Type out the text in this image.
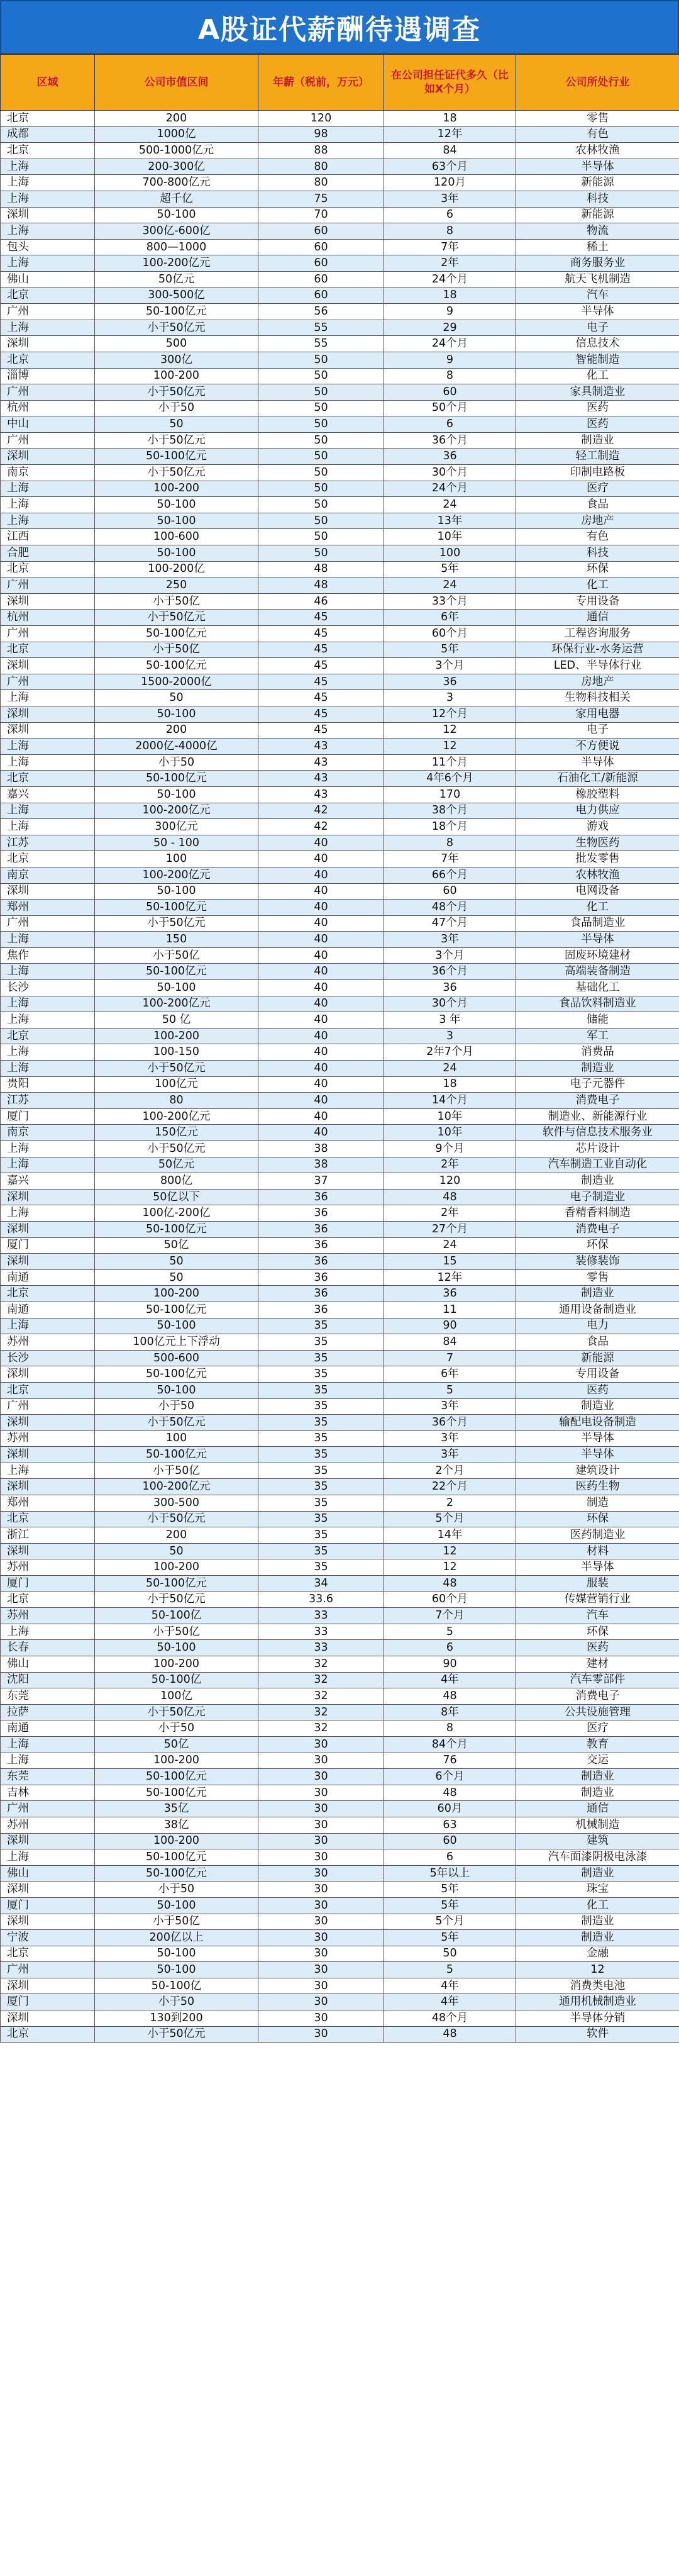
A股证代薪酬待遇调查
区域	公司市值区间	年薪（税前，万元）	在公司担任证代多久（比如X个月）	公司所处行业
北京	200	120	18	零售
成都	1000亿	98	12年	有色
北京	500-1000亿元	88	84	农林牧渔
上海	200-300亿	80	63个月	半导体
上海	700-800亿元	80	120月	新能源
上海	超千亿	75	3年	科技
深圳	50-100	70	6	新能源
上海	300亿-600亿	60	8	物流
包头	800—1000	60	7年	稀土
上海	100-200亿元	60	2年	商务服务业
佛山	50亿元	60	24个月	航天飞机制造
北京	300-500亿	60	18	汽车
广州	50-100亿元	56	9	半导体
上海	小于50亿元	55	29	电子
深圳	500	55	24个月	信息技术
北京	300亿	50	9	智能制造
淄博	100-200	50	8	化工
广州	小于50亿元	50	60	家具制造业
杭州	小于50	50	50个月	医药
中山	50	50	6	医药
广州	小于50亿元	50	36个月	制造业
深圳	50-100亿元	50	36	轻工制造
南京	小于50亿元	50	30个月	印制电路板
上海	100-200	50	24个月	医疗
上海	50-100	50	24	食品
上海	50-100	50	13年	房地产
江西	100-600	50	10年	有色
合肥	50-100	50	100	科技
北京	100-200亿	48	5年	环保
广州	250	48	24	化工
深圳	小于50亿	46	33个月	专用设备
杭州	小于50亿元	45	6年	通信
广州	50-100亿元	45	60个月	工程咨询服务
北京	小于50亿	45	5年	环保行业-水务运营
深圳	50-100亿元	45	3个月	LED、半导体行业
广州	1500-2000亿	45	36	房地产
上海	50	45	3	生物科技相关
深圳	50-100	45	12个月	家用电器
深圳	200	45	12	电子
上海	2000亿-4000亿	43	12	不方便说
上海	小于50	43	11个月	半导体
北京	50-100亿元	43	4年6个月	石油化工/新能源
嘉兴	50-100	43	170	橡胶塑料
上海	100-200亿元	42	38个月	电力供应
上海	300亿元	42	18个月	游戏
江苏	50 - 100	40	8	生物医药
北京	100	40	7年	批发零售
南京	100-200亿元	40	66个月	农林牧渔
深圳	50-100	40	60	电网设备
郑州	50-100亿元	40	48个月	化工
广州	小于50亿元	40	47个月	食品制造业
上海	150	40	3年	半导体
焦作	小于50亿	40	3个月	固废环境建材
上海	50-100亿元	40	36个月	高端装备制造
长沙	50-100	40	36	基础化工
上海	100-200亿元	40	30个月	食品饮料制造业
上海	50 亿	40	3 年	储能
北京	100-200	40	3	军工
上海	100-150	40	2年7个月	消费品
上海	小于50亿元	40	24	制造业
贵阳	100亿元	40	18	电子元器件
江苏	80	40	14个月	消费电子
厦门	100-200亿元	40	10年	制造业、新能源行业
南京	150亿元	40	10年	软件与信息技术服务业
上海	小于50亿元	38	9个月	芯片设计
上海	50亿元	38	2年	汽车制造工业自动化
嘉兴	800亿	37	120	制造业
深圳	50亿以下	36	48	电子制造业
上海	100亿-200亿	36	2年	香精香料制造
深圳	50-100亿元	36	27个月	消费电子
厦门	50亿	36	24	环保
深圳	50	36	15	装修装饰
南通	50	36	12年	零售
北京	100-200	36	36	制造业
南通	50-100亿元	36	11	通用设备制造业
上海	50-100	35	90	电力
苏州	100亿元上下浮动	35	84	食品
长沙	500-600	35	7	新能源
深圳	50-100亿元	35	6年	专用设备
北京	50-100	35	5	医药
广州	小于50	35	3年	制造业
深圳	小于50亿元	35	36个月	输配电设备制造
苏州	100	35	3年	半导体
深圳	50-100亿元	35	3年	半导体
上海	小于50亿	35	2个月	建筑设计
深圳	100-200亿元	35	22个月	医药生物
郑州	300-500	35	2	制造
北京	小于50亿元	35	5个月	环保
浙江	200	35	14年	医药制造业
深圳	50	35	12	材料
苏州	100-200	35	12	半导体
厦门	50-100亿元	34	48	服装
北京	小于50亿元	33.6	60个月	传媒营销行业
苏州	50-100亿	33	7个月	汽车
上海	小于50亿	33	5	环保
长春	50-100	33	6	医药
佛山	100-200	32	90	建材
沈阳	50-100亿	32	4年	汽车零部件
东莞	100亿	32	48	消费电子
拉萨	小于50亿元	32	8年	公共设施管理
南通	小于50	32	8	医疗
上海	50亿	30	84个月	教育
上海	100-200	30	76	交运
东莞	50-100亿元	30	6个月	制造业
吉林	50-100亿元	30	48	制造业
广州	35亿	30	60月	通信
苏州	38亿	30	63	机械制造
深圳	100-200	30	60	建筑
上海	50-100亿元	30	6	汽车面漆阴极电泳漆
佛山	50-100亿元	30	5年以上	制造业
深圳	小于50	30	5年	珠宝
厦门	50-100	30	5年	化工
深圳	小于50亿	30	5个月	制造业
宁波	200亿以上	30	5年	制造业
北京	50-100	30	50	金融
广州	50-100	30	5	12
深圳	50-100亿	30	4年	消费类电池
厦门	小于50	30	4年	通用机械制造业
深圳	130到200	30	48个月	半导体分销
北京	小于50亿元	30	48	软件
